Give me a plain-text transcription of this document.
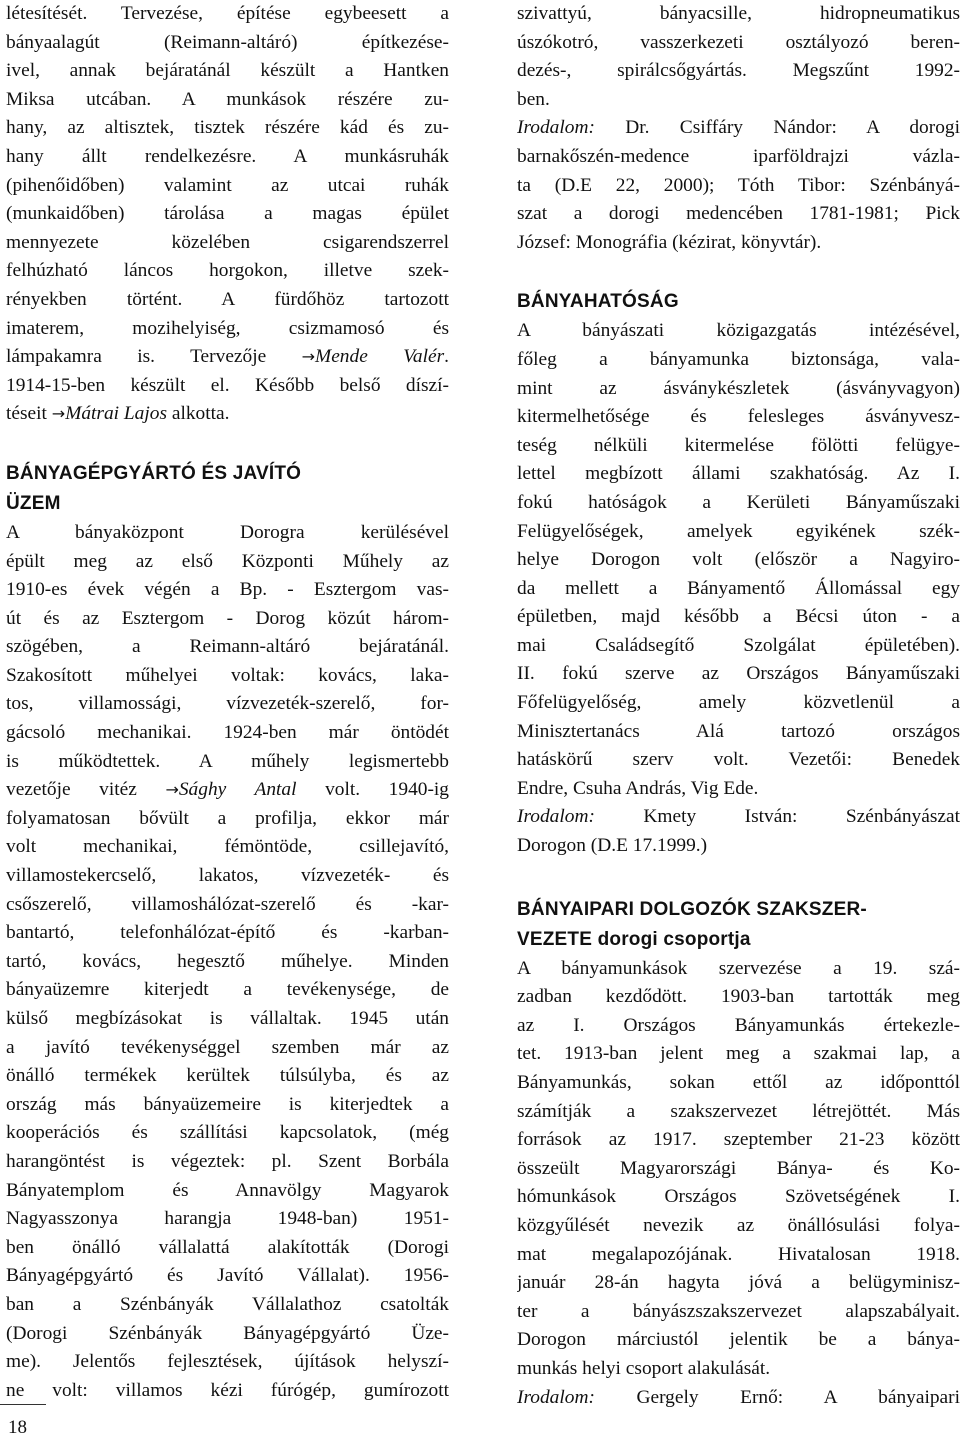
létesítését. Tervezése, építése egybeesett a
bányaalagút (Reimann-altáró) építkezése-
ivel, annak bejáratánál készült a Hantken
Miksa utcában. A munkások részére zu-
hany, az altisztek, tisztek részére kád és zu-
hany állt rendelkezésre. A munkásruhák
(pihenőidőben) valamint az utcai ruhák
(munkaidőben) tárolása a magas épület
mennyezete közelében csigarendszerrel
felhúzható láncos horgokon, illetve szek-
rényekben történt. A fürdőhöz tartozott
imaterem, mozihelyiség, csizmamosó és
lámpakamra is. Tervezője →Mende Valér.
1914-15-ben készült el. Később belső díszí-
téseit →Mátrai Lajos alkotta.
BÁNYAGÉPGYÁRTÓ ÉS JAVÍTÓ
ÜZEM
A bányaközpont Dorogra kerülésével
épült meg az első Központi Műhely az
1910-es évek végén a Bp. - Esztergom vas-
út és az Esztergom - Dorog közút három-
szögében, a Reimann-altáró bejáratánál.
Szakosított műhelyei voltak: kovács, laka-
tos, villamossági, vízvezeték-szerelő, for-
gácsoló mechanikai. 1924-ben már öntödét
is működtettek. A műhely legismertebb
vezetője vitéz →Sághy Antal volt. 1940-ig
folyamatosan bővült a profilja, ekkor már
volt mechanikai, fémöntöde, csillejavító,
villamostekercselő, lakatos, vízvezeték- és
csőszerelő, villamoshálózat-szerelő és -kar-
bantartó, telefonhálózat-építő és -karban-
tartó, kovács, hegesztő műhelye. Minden
bányaüzemre kiterjedt a tevékenysége, de
külső megbízásokat is vállaltak. 1945 után
a javító tevékenységgel szemben már az
önálló termékek kerültek túlsúlyba, és az
ország más bányaüzemeire is kiterjedtek a
kooperációs és szállítási kapcsolatok, (még
harangöntést is végeztek: pl. Szent Borbála
Bányatemplom és Annavölgy Magyarok
Nagyasszonya harangja 1948-ban) 1951-
ben önálló vállalattá alakították (Dorogi
Bányagépgyártó és Javító Vállalat). 1956-
ban a Szénbányák Vállalathoz csatolták
(Dorogi Szénbányák Bányagépgyártó Üze-
me). Jelentős fejlesztések, újítások helyszí-
ne volt: villamos kézi fúrógép, gumírozott
szivattyú, bányacsille, hidropneumatikus
úszókotró, vasszerkezeti osztályozó beren-
dezés-, spirálcsőgyártás. Megszűnt 1992-
ben.
Irodalom: Dr. Csiffáry Nándor: A dorogi
barnakőszén-medence iparföldrajzi vázla-
ta (D.E 22, 2000); Tóth Tibor: Szénbányá-
szat a dorogi medencében 1781-1981; Pick
József: Monográfia (kézirat, könyvtár).
BÁNYAHATÓSÁG
A bányászati közigazgatás intézésével,
főleg a bányamunka biztonsága, vala-
mint az ásványkészletek (ásványvagyon)
kitermelhetősége és felesleges ásványvesz-
teség nélküli kitermelése fölötti felügye-
lettel megbízott állami szakhatóság. Az I.
fokú hatóságok a Kerületi Bányaműszaki
Felügyelőségek, amelyek egyikének szék-
helye Dorogon volt (először a Nagyiro-
da mellett a Bányamentő Állomással egy
épületben, majd később a Bécsi úton - a
mai Családsegítő Szolgálat épületében).
II. fokú szerve az Országos Bányaműszaki
Főfelügyelőség, amely közvetlenül a
Minisztertanács Alá tartozó országos
hatáskörű szerv volt. Vezetői: Benedek
Endre, Csuha András, Vig Ede.
Irodalom: Kmety István: Szénbányászat
Dorogon (D.E 17.1999.)
BÁNYAIPARI DOLGOZÓK SZAKSZER-
VEZETE dorogi csoportja
A bányamunkások szervezése a 19. szá-
zadban kezdődött. 1903-ban tartották meg
az I. Országos Bányamunkás értekezle-
tet. 1913-ban jelent meg a szakmai lap, a
Bányamunkás, sokan ettől az időponttól
számítják a szakszervezet létrejöttét. Más
források az 1917. szeptember 21-23 között
összeült Magyarországi Bánya- és Ko-
hómunkások Országos Szövetségének I.
közgyűlését nevezik az önállósulási folya-
mat megalapozójának. Hivatalosan 1918.
január 28-án hagyta jóvá a belügyminisz-
ter a bányászszakszervezet alapszabályait.
Dorogon márciustól jelentik be a bánya-
munkás helyi csoport alakulását.
Irodalom: Gergely Ernő: A bányaipari
18
